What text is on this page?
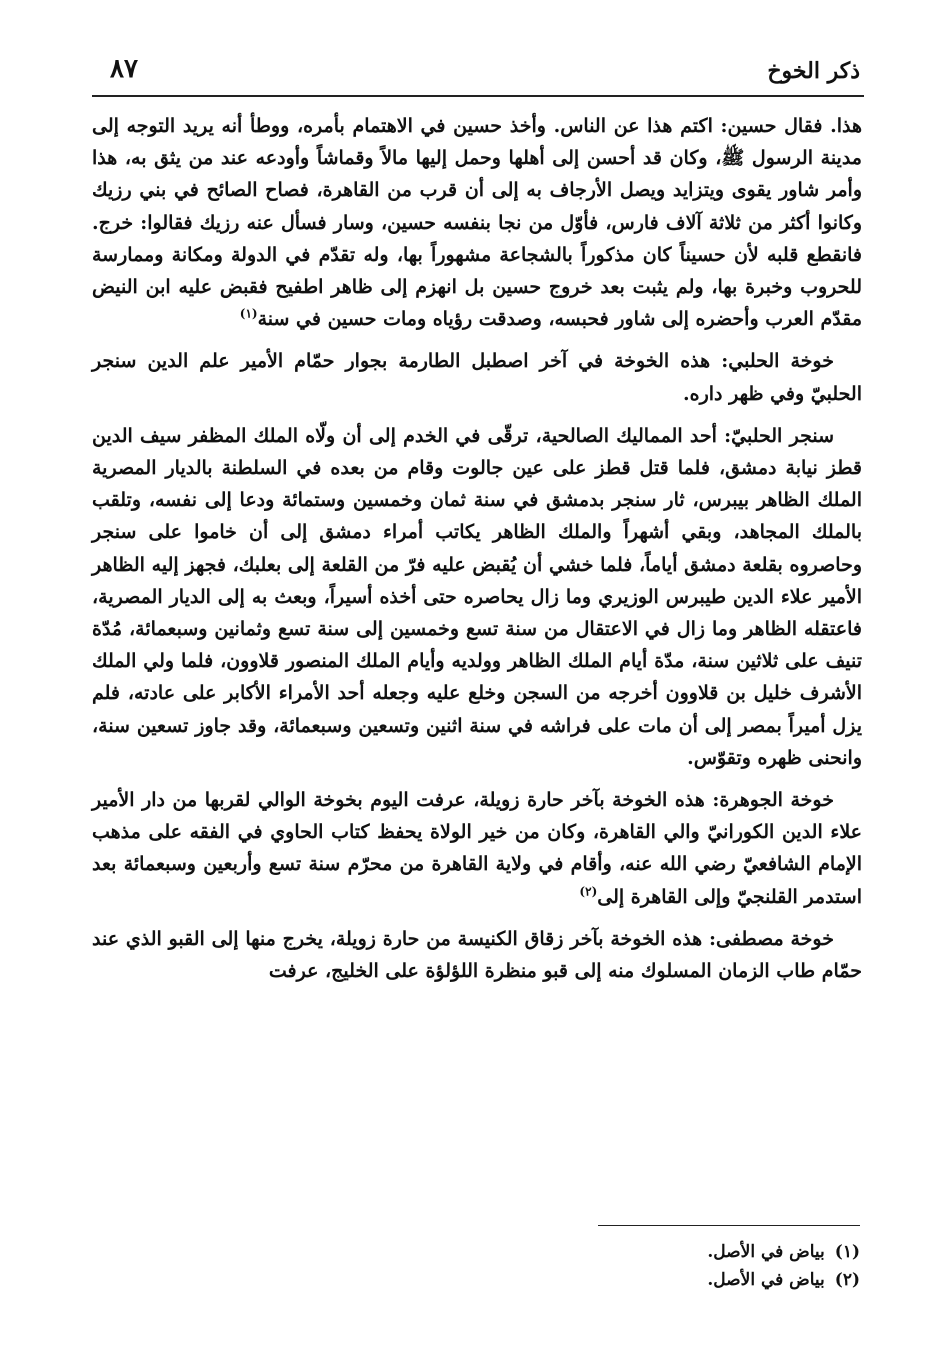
ذكر الخوخ
٨٧

هذا. فقال حسين: اكتم هذا عن الناس. وأخذ حسين في الاهتمام بأمره، ووطأ أنه يريد التوجه إلى مدينة الرسول ﷺ، وكان قد أحسن إلى أهلها وحمل إليها مالاً وقماشاً وأودعه عند من يثق به، هذا وأمر شاور يقوى ويتزايد ويصل الأرجاف به إلى أن قرب من القاهرة، فصاح الصائح في بني رزيك وكانوا أكثر من ثلاثة آلاف فارس، فأوّل من نجا بنفسه حسين، وسار فسأل عنه رزيك فقالوا: خرج. فانقطع قلبه لأن حسيناً كان مذكوراً بالشجاعة مشهوراً بها، وله تقدّم في الدولة ومكانة وممارسة للحروب وخبرة بها، ولم يثبت بعد خروج حسين بل انهزم إلى ظاهر اطفيح فقبض عليه ابن النيض مقدّم العرب وأحضره إلى شاور فحبسه، وصدقت رؤياه ومات حسين في سنة$^{(١)}$

خوخة الحلبي: هذه الخوخة في آخر اصطبل الطارمة بجوار حمّام الأمير علم الدين سنجر الحلبيّ وفي ظهر داره.

سنجر الحلبيّ: أحد المماليك الصالحية، ترقّى في الخدم إلى أن ولّاه الملك المظفر سيف الدين قطز نيابة دمشق، فلما قتل قطز على عين جالوت وقام من بعده في السلطنة بالديار المصرية الملك الظاهر بيبرس، ثار سنجر بدمشق في سنة ثمان وخمسين وستمائة ودعا إلى نفسه، وتلقب بالملك المجاهد، وبقي أشهراً والملك الظاهر يكاتب أمراء دمشق إلى أن خاموا على سنجر وحاصروه بقلعة دمشق أياماً، فلما خشي أن يُقبض عليه فرّ من القلعة إلى بعلبك، فجهز إليه الظاهر الأمير علاء الدين طيبرس الوزيري وما زال يحاصره حتى أخذه أسيراً، وبعث به إلى الديار المصرية، فاعتقله الظاهر وما زال في الاعتقال من سنة تسع وخمسين إلى سنة تسع وثمانين وسبعمائة، مُدّة تنيف على ثلاثين سنة، مدّة أيام الملك الظاهر وولديه وأيام الملك المنصور قلاوون، فلما ولي الملك الأشرف خليل بن قلاوون أخرجه من السجن وخلع عليه وجعله أحد الأمراء الأكابر على عادته، فلم يزل أميراً بمصر إلى أن مات على فراشه في سنة اثنين وتسعين وسبعمائة، وقد جاوز تسعين سنة، وانحنى ظهره وتقوّس.

خوخة الجوهرة: هذه الخوخة بآخر حارة زويلة، عرفت اليوم بخوخة الوالي لقربها من دار الأمير علاء الدين الكورانيّ والي القاهرة، وكان من خير الولاة يحفظ كتاب الحاوي في الفقه على مذهب الإمام الشافعيّ رضي الله عنه، وأقام في ولاية القاهرة من محرّم سنة تسع وأربعين وسبعمائة بعد استدمر القلنجيّ وإلى القاهرة إلى$^{(٢)}$

خوخة مصطفى: هذه الخوخة بآخر زقاق الكنيسة من حارة زويلة، يخرج منها إلى القبو الذي عند حمّام طاب الزمان المسلوك منه إلى قبو منظرة اللؤلؤة على الخليج، عرفت

(١)بياض في الأصل.

(٢)بياض في الأصل.
